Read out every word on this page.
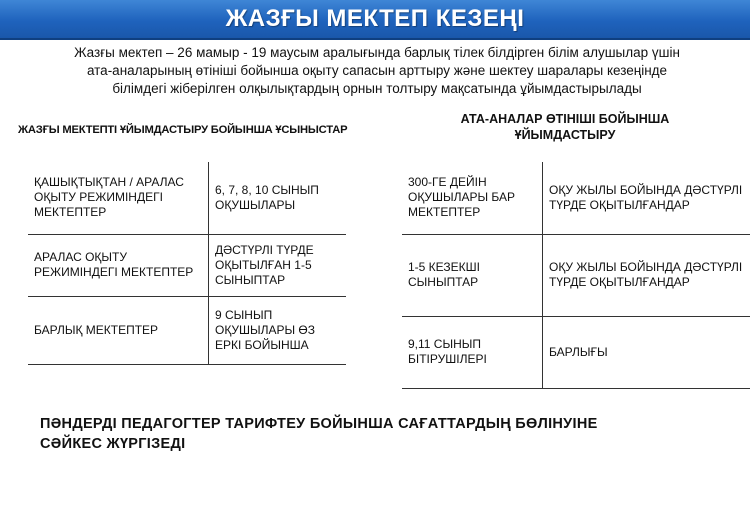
ЖАЗҒЫ МЕКТЕП КЕЗЕҢІ
Жазғы мектеп – 26 мамыр - 19 маусым аралығында барлық тілек білдірген білім алушылар үшін
ата-аналарының өтініші бойынша оқыту сапасын арттыру және шектеу шаралары кезеңінде
білімдегі жіберілген олқылықтардың орнын толтыру мақсатында ұйымдастырылады
ЖАЗҒЫ МЕКТЕПТІ ҰЙЫМДАСТЫРУ БОЙЫНША ҰСЫНЫСТАР
АТА-АНАЛАР ӨТІНІШІ БОЙЫНША
ҰЙЫМДАСТЫРУ
ҚАШЫҚТЫҚТАН / АРАЛАС ОҚЫТУ РЕЖИМІНДЕГІ МЕКТЕПТЕР	6, 7, 8, 10 СЫНЫП ОҚУШЫЛАРЫ
АРАЛАС ОҚЫТУ РЕЖИМІНДЕГІ МЕКТЕПТЕР	ДӘСТҮРЛІ ТҮРДЕ ОҚЫТЫЛҒАН 1-5 СЫНЫПТАР
БАРЛЫҚ МЕКТЕПТЕР	9 СЫНЫП ОҚУШЫЛАРЫ ӨЗ ЕРКІ БОЙЫНША
300-ГЕ ДЕЙІН ОҚУШЫЛАРЫ БАР МЕКТЕПТЕР	ОҚУ ЖЫЛЫ БОЙЫНДА ДӘСТҮРЛІ ТҮРДЕ ОҚЫТЫЛҒАНДАР
1-5 КЕЗЕКШІ СЫНЫПТАР	ОҚУ ЖЫЛЫ БОЙЫНДА ДӘСТҮРЛІ ТҮРДЕ ОҚЫТЫЛҒАНДАР
9,11 СЫНЫП БІТІРУШІЛЕРІ	БАРЛЫҒЫ
ПӘНДЕРДІ ПЕДАГОГТЕР ТАРИФТЕУ БОЙЫНША САҒАТТАРДЫҢ БӨЛІНУІНЕ
СӘЙКЕС ЖҮРГІЗЕДІ
